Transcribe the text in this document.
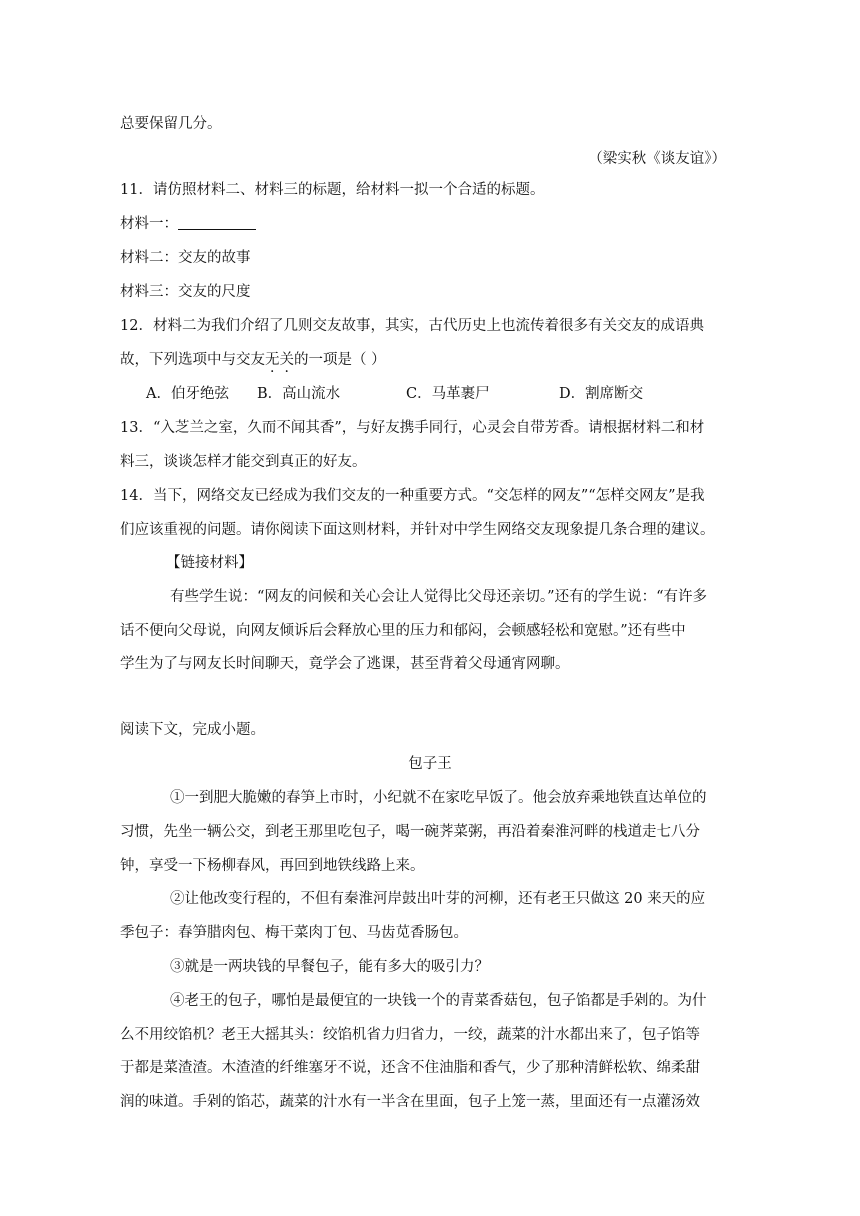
总要保留几分。
（梁实秋《谈友谊》）
11．请仿照材料二、材料三的标题，给材料一拟一个合适的标题。
材料一：
材料二：交友的故事
材料三：交友的尺度
12．材料二为我们介绍了几则交友故事，其实，古代历史上也流传着很多有关交友的成语典
故，下列选项中与交友无关的一项是（ ）
A．伯牙绝弦 B．高山流水	C．马革裹尸	D．割席断交
13．“入芝兰之室，久而不闻其香”，与好友携手同行，心灵会自带芳香。请根据材料二和材
料三，谈谈怎样才能交到真正的好友。
14．当下，网络交友已经成为我们交友的一种重要方式。“交怎样的网友”“怎样交网友”是我
们应该重视的问题。请你阅读下面这则材料，并针对中学生网络交友现象提几条合理的建议。
【链接材料】
有些学生说：“网友的问候和关心会让人觉得比父母还亲切。”还有的学生说：“有许多
话不便向父母说，向网友倾诉后会释放心里的压力和郁闷，会顿感轻松和宽慰。”还有些中
学生为了与网友长时间聊天，竟学会了逃课，甚至背着父母通宵网聊。
阅读下文，完成小题。
包子王
①一到肥大脆嫩的春笋上市时，小纪就不在家吃早饭了。他会放弃乘地铁直达单位的
习惯，先坐一辆公交，到老王那里吃包子，喝一碗荠菜粥，再沿着秦淮河畔的栈道走七八分
钟，享受一下杨柳春风，再回到地铁线路上来。
②让他改变行程的，不但有秦淮河岸鼓出叶芽的河柳，还有老王只做这 20 来天的应
季包子：春笋腊肉包、梅干菜肉丁包、马齿苋香肠包。
③就是一两块钱的早餐包子，能有多大的吸引力？
④老王的包子，哪怕是最便宜的一块钱一个的青菜香菇包，包子馅都是手剁的。为什
么不用绞馅机？老王大摇其头：绞馅机省力归省力，一绞，蔬菜的汁水都出来了，包子馅等
于都是菜渣渣。木渣渣的纤维塞牙不说，还含不住油脂和香气，少了那种清鲜松软、绵柔甜
润的味道。手剁的馅芯，蔬菜的汁水有一半含在里面，包子上笼一蒸，里面还有一点灌汤效
